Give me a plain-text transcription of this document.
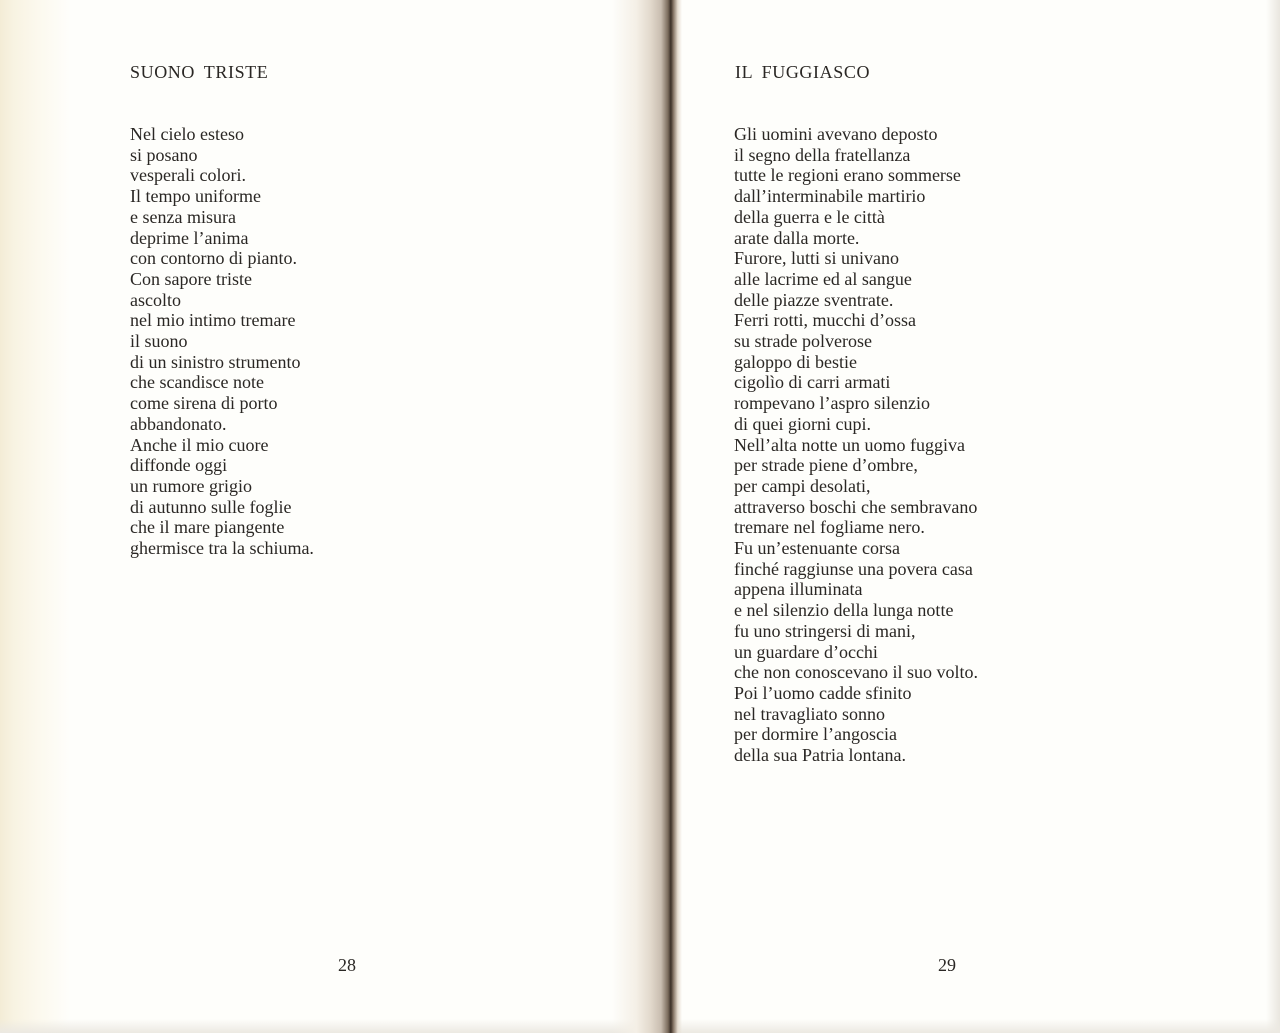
SUONO TRISTE
Nel cielo esteso
si posano
vesperali colori.
Il tempo uniforme
e senza misura
deprime l’anima
con contorno di pianto.
Con sapore triste
ascolto
nel mio intimo tremare
il suono
di un sinistro strumento
che scandisce note
come sirena di porto
abbandonato.
Anche il mio cuore
diffonde oggi
un rumore grigio
di autunno sulle foglie
che il mare piangente
ghermisce tra la schiuma.

28

IL FUGGIASCO
Gli uomini avevano deposto
il segno della fratellanza
tutte le regioni erano sommerse
dall’interminabile martirio
della guerra e le città
arate dalla morte.
Furore, lutti si univano
alle lacrime ed al sangue
delle piazze sventrate.
Ferri rotti, mucchi d’ossa
su strade polverose
galoppo di bestie
cigolìo di carri armati
rompevano l’aspro silenzio
di quei giorni cupi.
Nell’alta notte un uomo fuggiva
per strade piene d’ombre,
per campi desolati,
attraverso boschi che sembravano
tremare nel fogliame nero.
Fu un’estenuante corsa
finché raggiunse una povera casa
appena illuminata
e nel silenzio della lunga notte
fu uno stringersi di mani,
un guardare d’occhi
che non conoscevano il suo volto.
Poi l’uomo cadde sfinito
nel travagliato sonno
per dormire l’angoscia
della sua Patria lontana.

29
